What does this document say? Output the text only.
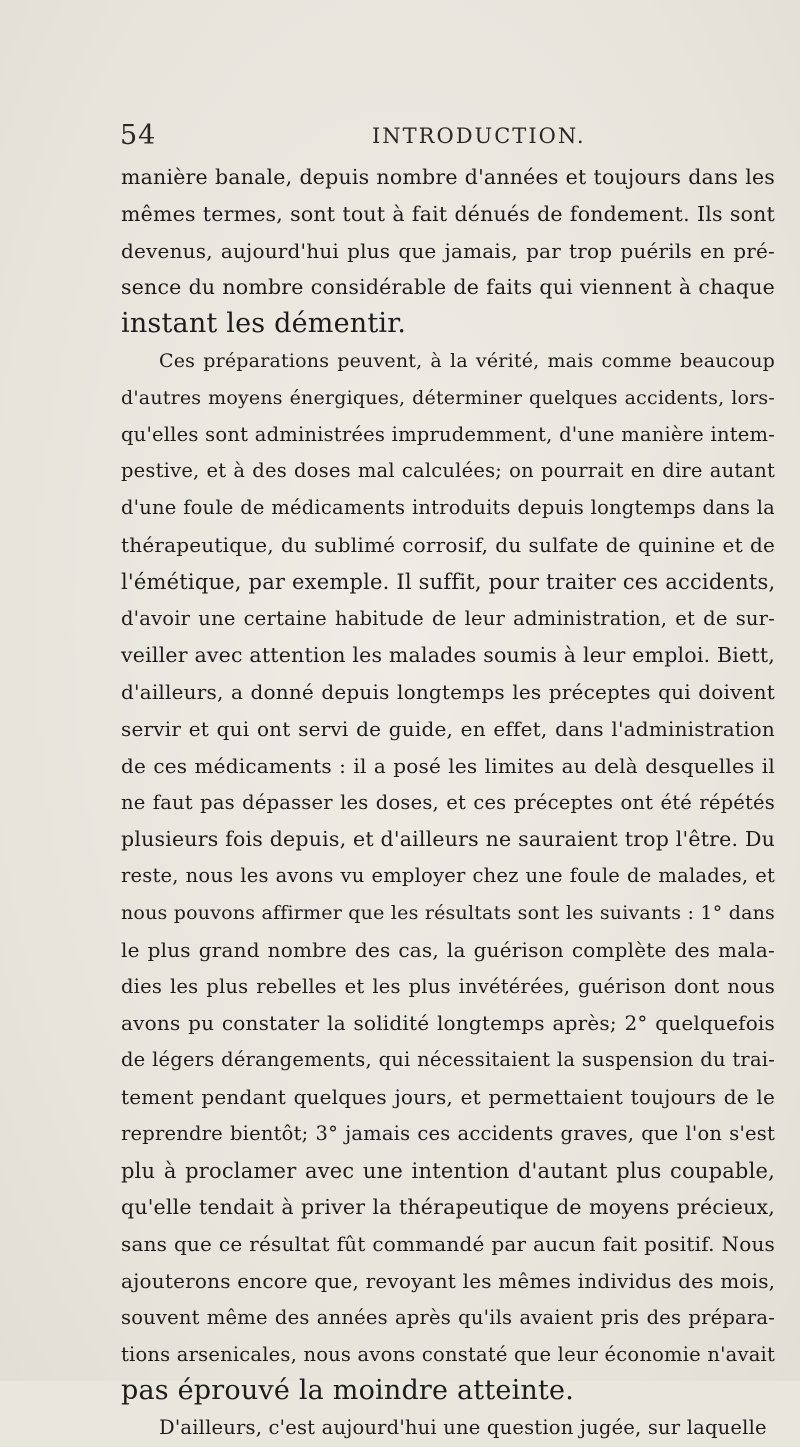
54	INTRODUCTION.
manière banale, depuis nombre d'années et toujours dans les
mêmes termes, sont tout à fait dénués de fondement. Ils sont
devenus, aujourd'hui plus que jamais, par trop puérils en pré-
sence du nombre considérable de faits qui viennent à chaque
instant les démentir.
Ces préparations peuvent, à la vérité, mais comme beaucoup
d'autres moyens énergiques, déterminer quelques accidents, lors-
qu'elles sont administrées imprudemment, d'une manière intem-
pestive, et à des doses mal calculées; on pourrait en dire autant
d'une foule de médicaments introduits depuis longtemps dans la
thérapeutique, du sublimé corrosif, du sulfate de quinine et de
l'émétique, par exemple. Il suffit, pour traiter ces accidents,
d'avoir une certaine habitude de leur administration, et de sur-
veiller avec attention les malades soumis à leur emploi. Biett,
d'ailleurs, a donné depuis longtemps les préceptes qui doivent
servir et qui ont servi de guide, en effet, dans l'administration
de ces médicaments : il a posé les limites au delà desquelles il
ne faut pas dépasser les doses, et ces préceptes ont été répétés
plusieurs fois depuis, et d'ailleurs ne sauraient trop l'être. Du
reste, nous les avons vu employer chez une foule de malades, et
nous pouvons affirmer que les résultats sont les suivants : 1° dans
le plus grand nombre des cas, la guérison complète des mala-
dies les plus rebelles et les plus invétérées, guérison dont nous
avons pu constater la solidité longtemps après; 2° quelquefois
de légers dérangements, qui nécessitaient la suspension du trai-
tement pendant quelques jours, et permettaient toujours de le
reprendre bientôt; 3° jamais ces accidents graves, que l'on s'est
plu à proclamer avec une intention d'autant plus coupable,
qu'elle tendait à priver la thérapeutique de moyens précieux,
sans que ce résultat fût commandé par aucun fait positif. Nous
ajouterons encore que, revoyant les mêmes individus des mois,
souvent même des années après qu'ils avaient pris des prépara-
tions arsenicales, nous avons constaté que leur économie n'avait
pas éprouvé la moindre atteinte.
D'ailleurs, c'est aujourd'hui une question jugée, sur laquelle
